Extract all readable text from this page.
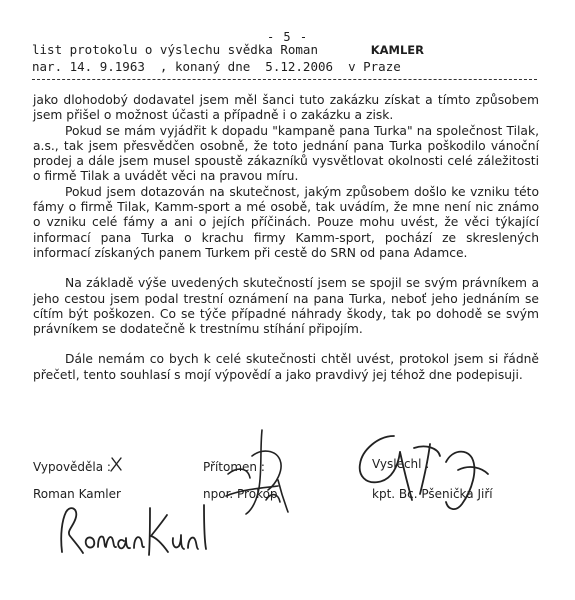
- 5 -
list protokolu o výslechu svědka Roman	KAMLER
nar. 14. 9.1963  , konaný dne  5.12.2006  v Praze

jako dlohodobý dodavatel jsem měl šanci tuto zakázku získat a tímto způsobem jsem přišel o možnost účasti a případně i o zakázku a zisk.

Pokud se mám vyjádřit k dopadu "kampaně pana Turka" na společnost Tilak, a.s., tak jsem přesvědčen osobně, že toto jednání pana Turka poškodilo vánoční prodej a dále jsem musel spoustě zákazníků vysvětlovat okolnosti celé záležitosti o firmě Tilak a uvádět věci na pravou míru.

Pokud jsem dotazován na skutečnost, jakým způsobem došlo ke vzniku této fámy o firmě Tilak, Kamm-sport a mé osobě, tak uvádím, že mne není nic známo o vzniku celé fámy a ani o jejích příčinách. Pouze mohu uvést, že věci týkající informací pana Turka o krachu firmy Kamm-sport, pochází ze skreslených informací získaných panem Turkem při cestě do SRN od pana Adamce.

Na základě výše uvedených skutečností jsem se spojil se svým právníkem a jeho cestou jsem podal trestní oznámení na pana Turka, neboť jeho jednáním se cítím být poškozen. Co se týče případné náhrady škody, tak po dohodě se svým právníkem se dodatečně k trestnímu stíhání připojím.

Dále nemám co bych k celé skutečnosti chtěl uvést, protokol jsem si řádně přečetl, tento souhlasí s mojí výpovědí a jako pravdivý jej téhož dne podepisuji.

Vypověděla :
Roman Kamler
Přítomen :
npor. Prokop
Vyslechl :
kpt. Bc. Pšenička Jiří
